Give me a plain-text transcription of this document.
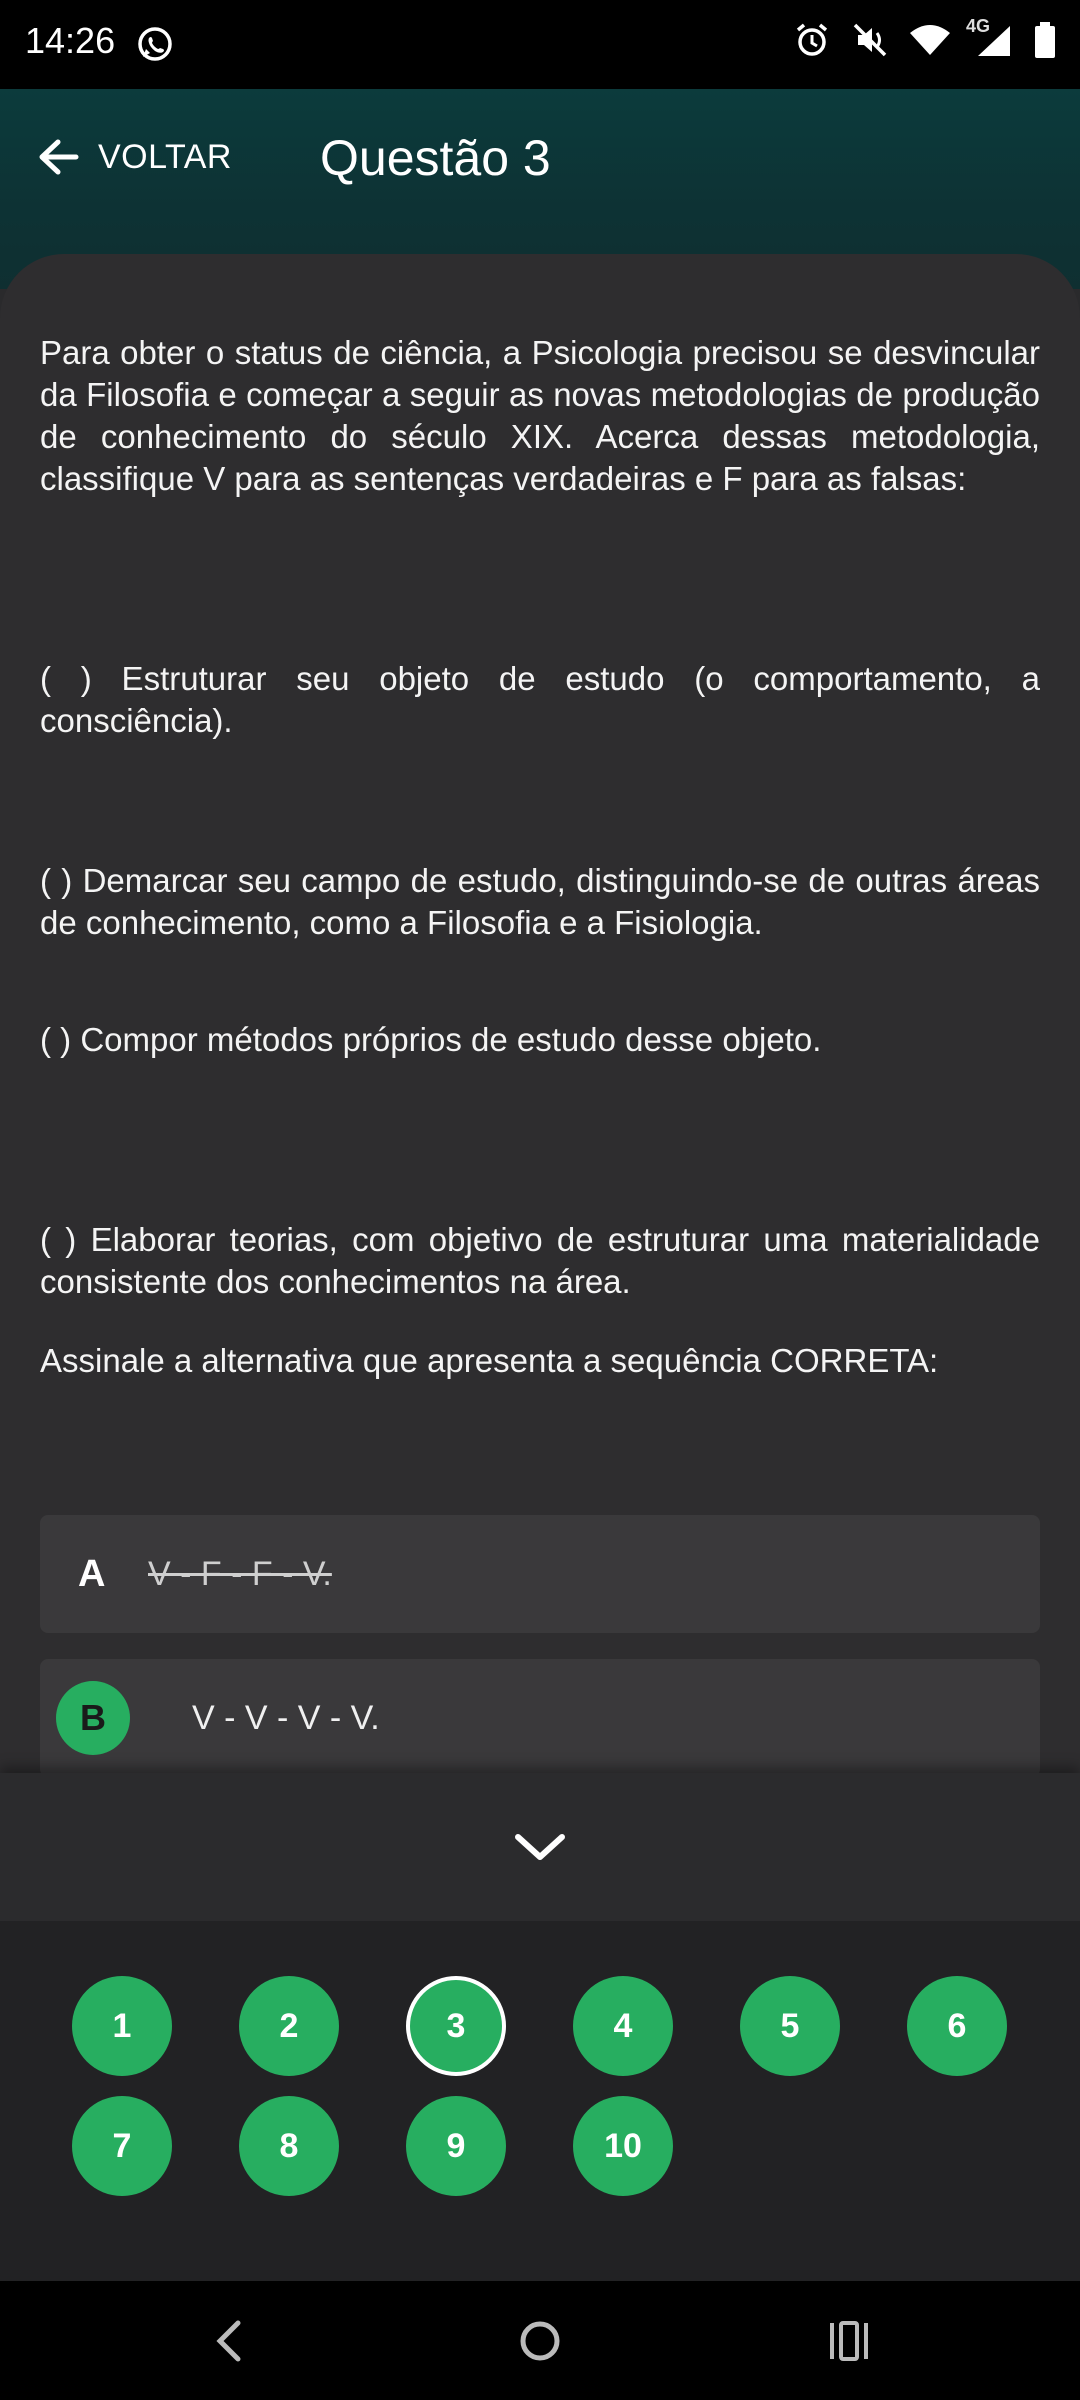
14:26	4G
VOLTAR Questão 3
Para obter o status de ciência, a Psicologia precisou se desvincular da Filosofia e começar a seguir as novas metodologias de produção de conhecimento do século XIX. Acerca dessas metodologia, classifique V para as sentenças verdadeiras e F para as falsas:
( ) Estruturar seu objeto de estudo (o comportamento, a consciência).
( ) Demarcar seu campo de estudo, distinguindo-se de outras áreas de conhecimento, como a Filosofia e a Fisiologia.
( ) Compor métodos próprios de estudo desse objeto.
( ) Elaborar teorias, com objetivo de estruturar uma materialidade consistente dos conhecimentos na área.
Assinale a alternativa que apresenta a sequência CORRETA:
A V - F - F - V.
B	V - V - V - V.
1	2	3	4	5	6
7	8	9	10
